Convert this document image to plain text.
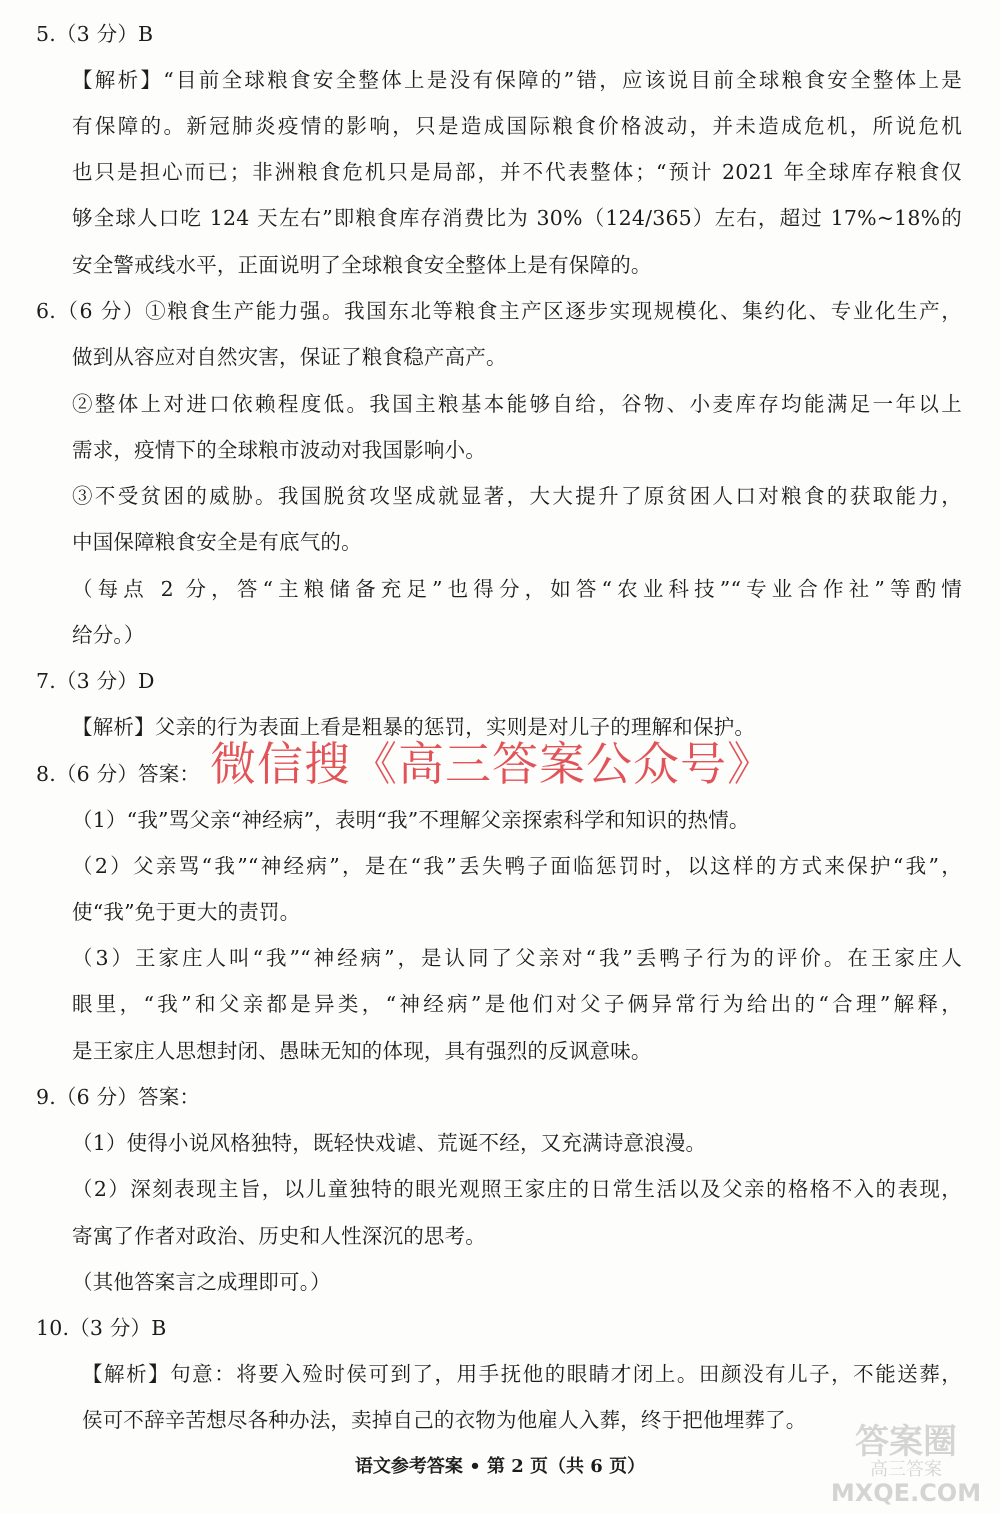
5.（3 分）B
【解析】“目前全球粮食安全整体上是没有保障的”错，应该说目前全球粮食安全整体上是
有保障的。新冠肺炎疫情的影响，只是造成国际粮食价格波动，并未造成危机，所说危机
也只是担心而已；非洲粮食危机只是局部，并不代表整体；“预计 2021 年全球库存粮食仅
够全球人口吃 124 天左右”即粮食库存消费比为 30%（124/365）左右，超过 17%~18%的
安全警戒线水平，正面说明了全球粮食安全整体上是有保障的。
6.（6 分）①粮食生产能力强。我国东北等粮食主产区逐步实现规模化、集约化、专业化生产，
做到从容应对自然灾害，保证了粮食稳产高产。
②整体上对进口依赖程度低。我国主粮基本能够自给，谷物、小麦库存均能满足一年以上
需求，疫情下的全球粮市波动对我国影响小。
③不受贫困的威胁。我国脱贫攻坚成就显著，大大提升了原贫困人口对粮食的获取能力，
中国保障粮食安全是有底气的。
（每点 2 分，答“主粮储备充足”也得分，如答“农业科技”“专业合作社”等酌情
给分。）
7.（3 分）D
【解析】父亲的行为表面上看是粗暴的惩罚，实则是对儿子的理解和保护。
8.（6 分）答案：
（1）“我”骂父亲“神经病”，表明“我”不理解父亲探索科学和知识的热情。
（2）父亲骂“我”“神经病”，是在“我”丢失鸭子面临惩罚时，以这样的方式来保护“我”，
使“我”免于更大的责罚。
（3）王家庄人叫“我”“神经病”，是认同了父亲对“我”丢鸭子行为的评价。在王家庄人
眼里，“我”和父亲都是异类，“神经病”是他们对父子俩异常行为给出的“合理”解释，
是王家庄人思想封闭、愚昧无知的体现，具有强烈的反讽意味。
9.（6 分）答案：
（1）使得小说风格独特，既轻快戏谑、荒诞不经，又充满诗意浪漫。
（2）深刻表现主旨，以儿童独特的眼光观照王家庄的日常生活以及父亲的格格不入的表现，
寄寓了作者对政治、历史和人性深沉的思考。
（其他答案言之成理即可。）
10.（3 分）B
【解析】句意：将要入殓时侯可到了，用手抚他的眼睛才闭上。田颜没有儿子，不能送葬，
侯可不辞辛苦想尽各种办法，卖掉自己的衣物为他雇人入葬，终于把他埋葬了。
微信搜《高三答案公众号》
语文参考答案 • 第 2 页（共 6 页）
答案圈
高三答案
MXQE.COM
